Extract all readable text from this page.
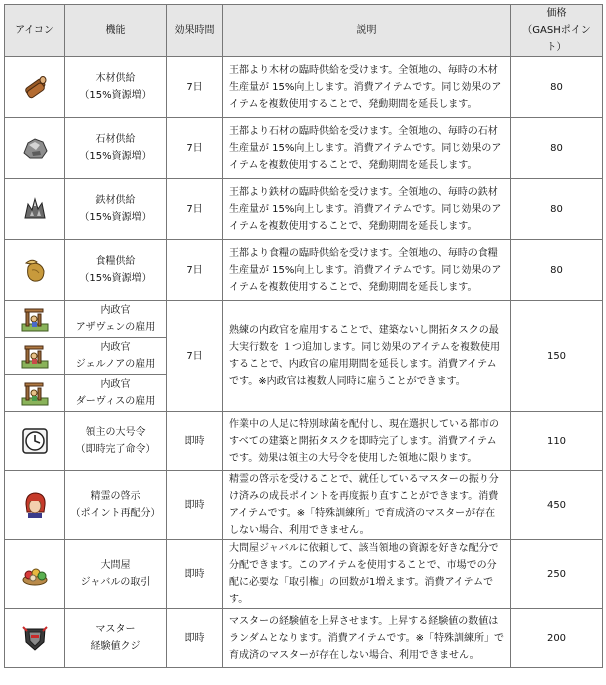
アイコン	機能	効果時間	説明	価格
（GASHポイント）

木材供給
（15%資源増）	7日	王都より木材の臨時供給を受けます。全領地の、毎時の木材生産量が 15%向上します。消費アイテムです。同じ効果のアイテムを複数使用することで、発動期間を延長します。	80

石材供給
（15%資源増）	7日	王都より石材の臨時供給を受けます。全領地の、毎時の石材生産量が 15%向上します。消費アイテムです。同じ効果のアイテムを複数使用することで、発動期間を延長します。	80

鉄材供給
（15%資源増）	7日	王都より鉄材の臨時供給を受けます。全領地の、毎時の鉄材生産量が 15%向上します。消費アイテムです。同じ効果のアイテムを複数使用することで、発動期間を延長します。	80

食糧供給
（15%資源増）	7日	王都より食糧の臨時供給を受けます。全領地の、毎時の食糧生産量が 15%向上します。消費アイテムです。同じ効果のアイテムを複数使用することで、発動期間を延長します。	80

内政官
アザヴェンの雇用	7日	熟練の内政官を雇用することで、建築ないし開拓タスクの最大実行数を １つ追加します。同じ効果のアイテムを複数使用することで、内政官の雇用期間を延長します。消費アイテムです。※内政官は複数人同時に雇うことができます。	150

内政官
ジェルノアの雇用			

内政官
ダーヴィスの雇用			

領主の大号令
（即時完了命令）	即時	作業中の人足に特別球菌を配付し、現在選択している都市のすべての建築と開拓タスクを即時完了します。消費アイテムです。効果は領主の大号令を使用した領地に限ります。	110

精霊の啓示
（ポイント再配分）	即時	精霊の啓示を受けることで、就任しているマスターの振り分け済みの成長ポイントを再度振り直すことができます。消費アイテムです。※「特殊訓練所」で育成済のマスターが存在しない場合、利用できません。	450

大問屋
ジャバルの取引	即時	大問屋ジャバルに依頼して、該当領地の資源を好きな配分で分配できます。このアイテムを使用することで、市場での分配に必要な「取引権」の回数が1増えます。消費アイテムです。	250

マスター
経験値クジ	即時	マスターの経験値を上昇させます。上昇する経験値の数値はランダムとなります。消費アイテムです。※「特殊訓練所」で育成済のマスターが存在しない場合、利用できません。	200
